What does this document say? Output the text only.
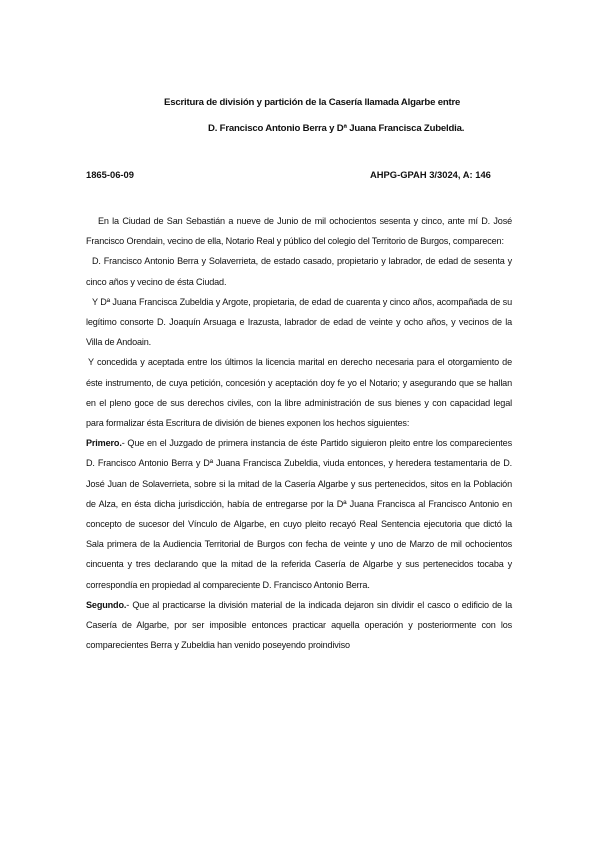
Escritura de división y partición de la Casería llamada Algarbe entre
D. Francisco Antonio Berra y Dª Juana Francisca Zubeldia.
1865-06-09	AHPG-GPAH 3/3024, A: 146

En la Ciudad de San Sebastián a nueve de Junio de mil ochocientos sesenta y cinco, ante mí D. José Francisco Orendain, vecino de ella, Notario Real y público del colegio del Territorio de Burgos, comparecen:

D. Francisco Antonio Berra y Solaverrieta, de estado casado, propietario y labrador, de edad de sesenta y cinco años y vecino de ésta Ciudad.

Y Dª Juana Francisca Zubeldia y Argote, propietaria, de edad de cuarenta y cinco años, acompañada de su legítimo consorte D. Joaquín Arsuaga e Irazusta, labrador de edad de veinte y ocho años, y vecinos de la Villa de Andoain.

Y concedida y aceptada entre los últimos la licencia marital en derecho necesaria para el otorgamiento de éste instrumento, de cuya petición, concesión y aceptación doy fe yo el Notario; y asegurando que se hallan en el pleno goce de sus derechos civiles, con la libre administración de sus bienes y con capacidad legal para formalizar ésta Escritura de división de bienes exponen los hechos siguientes:

Primero.- Que en el Juzgado de primera instancia de éste Partido siguieron pleito entre los comparecientes D. Francisco Antonio Berra y Dª Juana Francisca Zubeldia, viuda entonces, y heredera testamentaria de D. José Juan de Solaverrieta, sobre si la mitad de la Casería Algarbe y sus pertenecidos, sitos en la Población de Alza, en ésta dicha jurisdicción, había de entregarse por la Dª Juana Francisca al Francisco Antonio en concepto de sucesor del Vínculo de Algarbe, en cuyo pleito recayó Real Sentencia ejecutoria que dictó la Sala primera de la Audiencia Territorial de Burgos con fecha de veinte y uno de Marzo de mil ochocientos cincuenta y tres declarando que la mitad de la referida Casería de Algarbe y sus pertenecidos tocaba y correspondía en propiedad al compareciente D. Francisco Antonio Berra.

Segundo.- Que al practicarse la división material de la indicada dejaron sin dividir el casco o edificio de la Casería de Algarbe, por ser imposible entonces practicar aquella operación y posteriormente con los comparecientes Berra y Zubeldia han venido poseyendo proindiviso
